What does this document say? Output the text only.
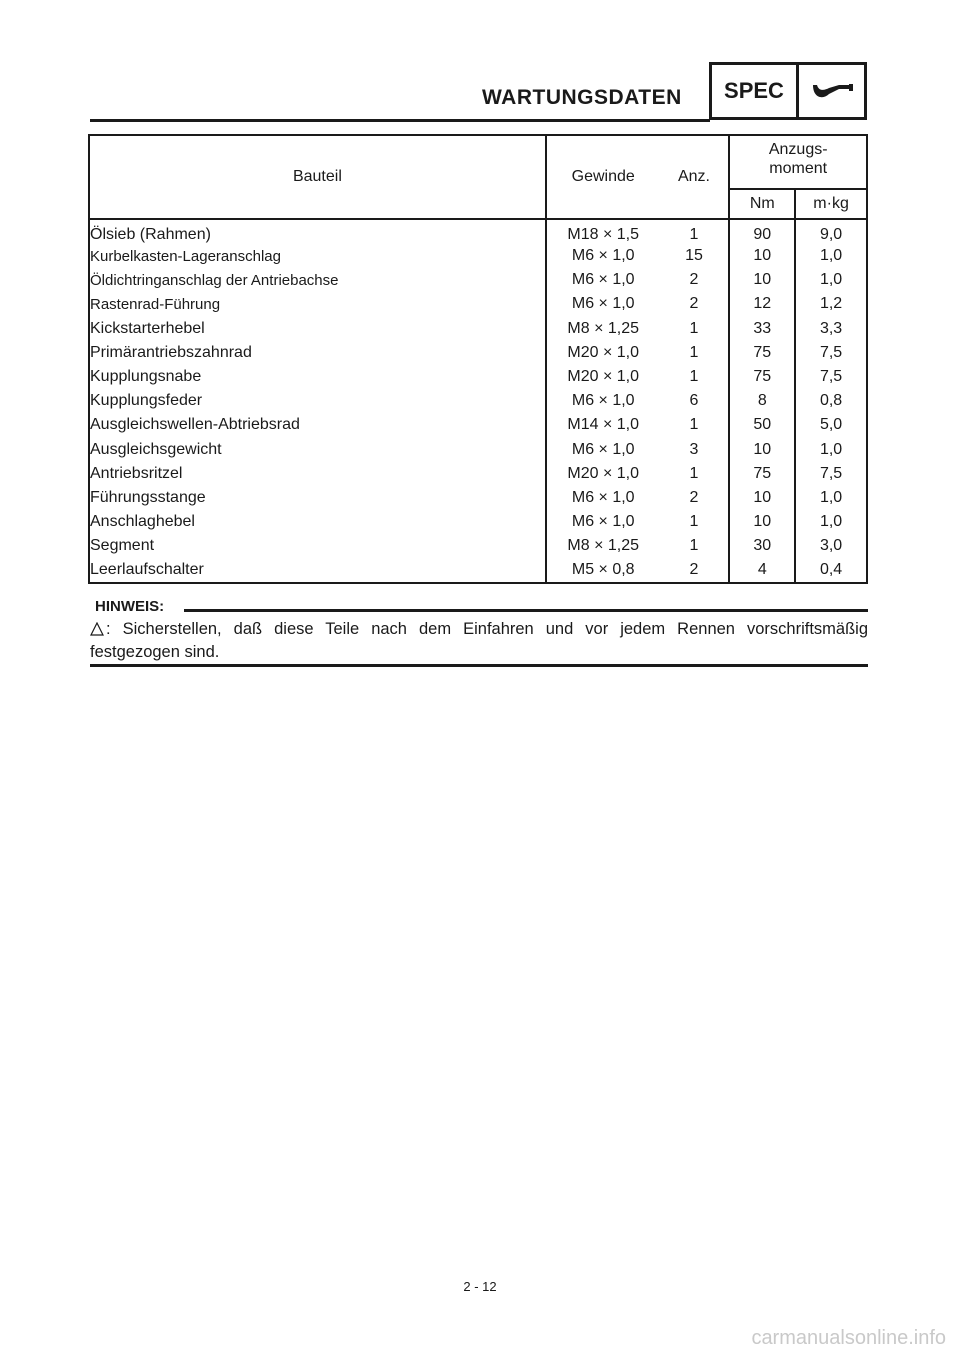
WARTUNGSDATEN	SPEC
Bauteil	Gewinde	Anz.	Anzugs-
moment	

			Nm	m·kg
Ölsieb (Rahmen)	M18 × 1,5	1	90	9,0
Kurbelkasten-Lageranschlag	M6 × 1,0	15	10	1,0
Öldichtringanschlag der Antriebachse	M6 × 1,0	2	10	1,0
Rastenrad-Führung	M6 × 1,0	2	12	1,2
Kickstarterhebel	M8 × 1,25	1	33	3,3
Primärantriebszahnrad	M20 × 1,0	1	75	7,5
Kupplungsnabe	M20 × 1,0	1	75	7,5
Kupplungsfeder	M6 × 1,0	6	8	0,8
Ausgleichswellen-Abtriebsrad	M14 × 1,0	1	50	5,0
Ausgleichsgewicht	M6 × 1,0	3	10	1,0
Antriebsritzel	M20 × 1,0	1	75	7,5
Führungsstange	M6 × 1,0	2	10	1,0
Anschlaghebel	M6 × 1,0	1	10	1,0
Segment	M8 × 1,25	1	30	3,0
Leerlaufschalter	M5 × 0,8	2	4	0,4
HINWEIS:
: Sicherstellen, daß diese Teile nach dem Einfahren und vor jedem Rennen vorschriftsmäßig festgezogen sind.
2 - 12
carmanualsonline.info
